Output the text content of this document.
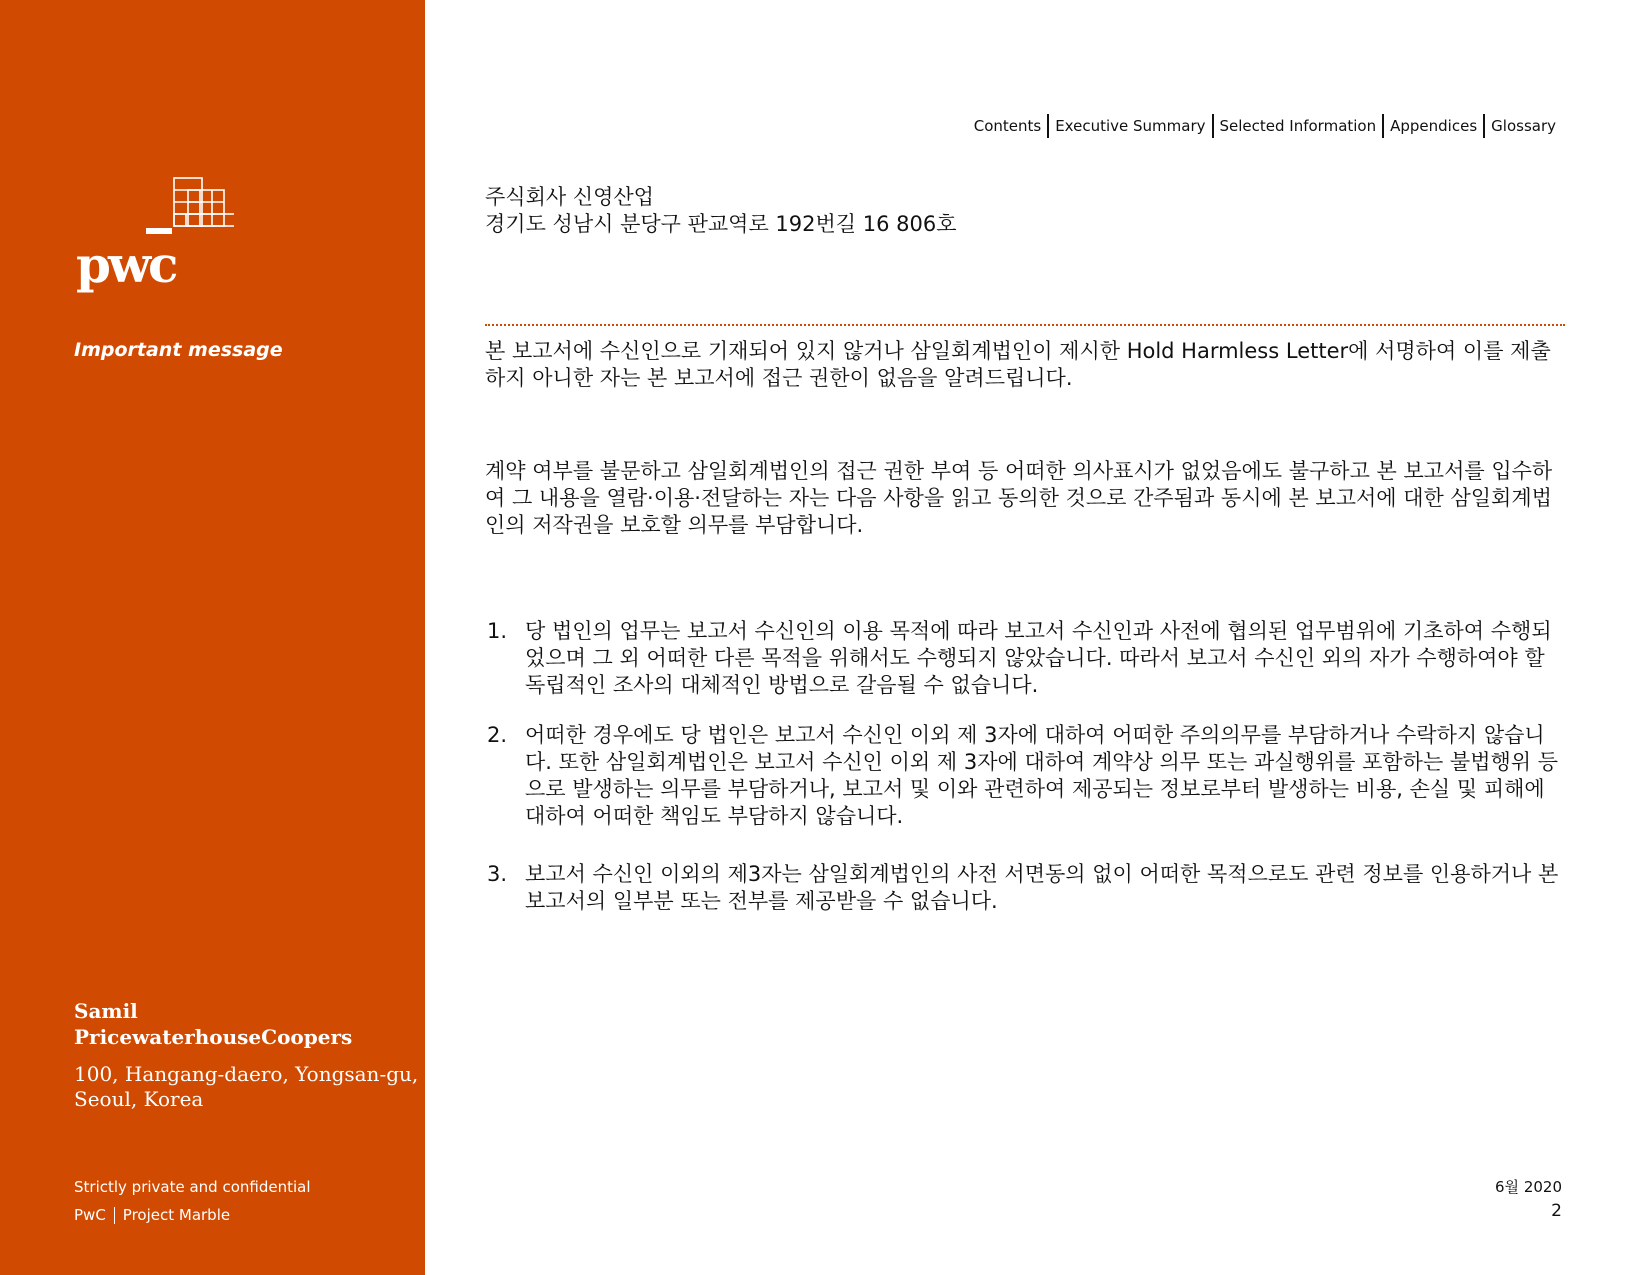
pwc
Important message
Samil
PricewaterhouseCoopers
100, Hangang-daero, Yongsan-gu,
Seoul, Korea
Strictly private and confidential
PwC Project Marble
Contents Executive Summary Selected Information Appendices Glossary
주식회사 신영산업
경기도 성남시 분당구 판교역로 192번길 16 806호
본 보고서에 수신인으로 기재되어 있지 않거나 삼일회계법인이 제시한 Hold Harmless Letter에 서명하여 이를 제출하지 아니한 자는 본 보고서에 접근 권한이 없음을 알려드립니다.
계약 여부를 불문하고 삼일회계법인의 접근 권한 부여 등 어떠한 의사표시가 없었음에도 불구하고 본 보고서를 입수하여 그 내용을 열람·이용·전달하는 자는 다음 사항을 읽고 동의한 것으로 간주됨과 동시에 본 보고서에 대한 삼일회계법인의 저작권을 보호할 의무를 부담합니다.
1. 당 법인의 업무는 보고서 수신인의 이용 목적에 따라 보고서 수신인과 사전에 협의된 업무범위에 기초하여 수행되었으며 그 외 어떠한 다른 목적을 위해서도 수행되지 않았습니다. 따라서 보고서 수신인 외의 자가 수행하여야 할 독립적인 조사의 대체적인 방법으로 갈음될 수 없습니다.
2. 어떠한 경우에도 당 법인은 보고서 수신인 이외 제 3자에 대하여 어떠한 주의의무를 부담하거나 수락하지 않습니다. 또한 삼일회계법인은 보고서 수신인 이외 제 3자에 대하여 계약상 의무 또는 과실행위를 포함하는 불법행위 등으로 발생하는 의무를 부담하거나, 보고서 및 이와 관련하여 제공되는 정보로부터 발생하는 비용, 손실 및 피해에 대하여 어떠한 책임도 부담하지 않습니다.
3. 보고서 수신인 이외의 제3자는 삼일회계법인의 사전 서면동의 없이 어떠한 목적으로도 관련 정보를 인용하거나 본 보고서의 일부분 또는 전부를 제공받을 수 없습니다.
6월 2020
2
